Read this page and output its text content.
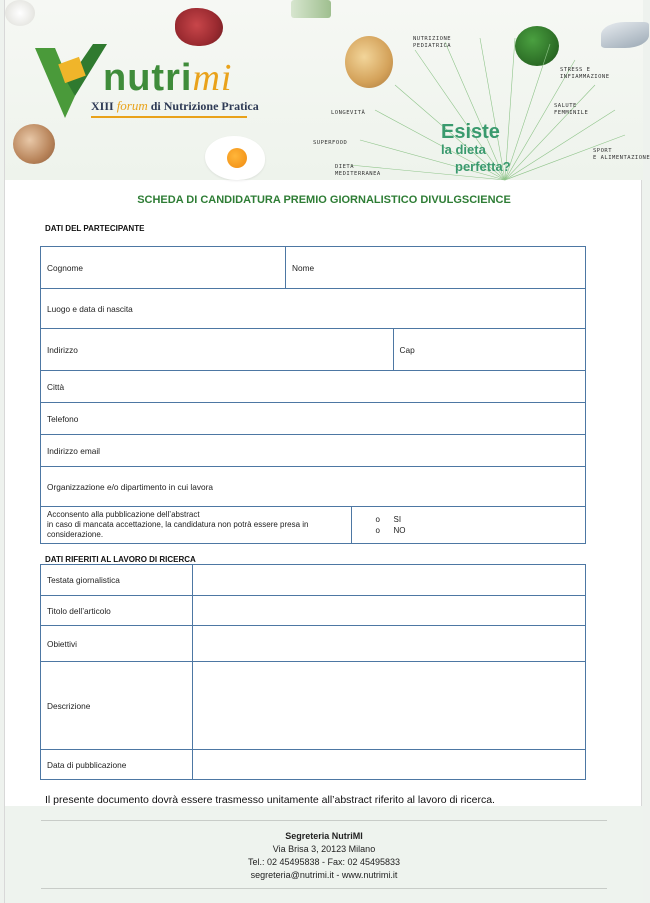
nutrimi
XIII forum di Nutrizione Pratica
NUTRIZIONE
PEDIATRICA
STRESS E
INFIAMMAZIONE
SALUTE
FEMMINILE
SPORT
E ALIMENTAZIONE
LONGEVITÀ
SUPERFOOD
DIETA
MEDITERRANEA
Esiste
la dieta
perfetta?
SCHEDA DI CANDIDATURA PREMIO GIORNALISTICO DIVULGSCIENCE
DATI DEL PARTECIPANTE
Cognome	Nome
Luogo e data di nascita

Indirizzo	Cap

Città
Telefono
Indirizzo email
Organizzazione e/o dipartimento in cui lavora

Acconsento alla pubblicazione dell’abstract
in caso di mancata accettazione, la candidatura non potrà essere presa in considerazione.

o SI
o NO
DATI RIFERITI AL LAVORO DI RICERCA
Testata giornalistica	
Titolo dell’articolo	
Obiettivi	
Descrizione	
Data di pubblicazione	
Il presente documento dovrà essere trasmesso unitamente all’abstract riferito al lavoro di ricerca.
Segreteria NutriMI
Via Brisa 3, 20123 Milano
Tel.: 02 45495838 - Fax: 02 45495833
segreteria@nutrimi.it - www.nutrimi.it
